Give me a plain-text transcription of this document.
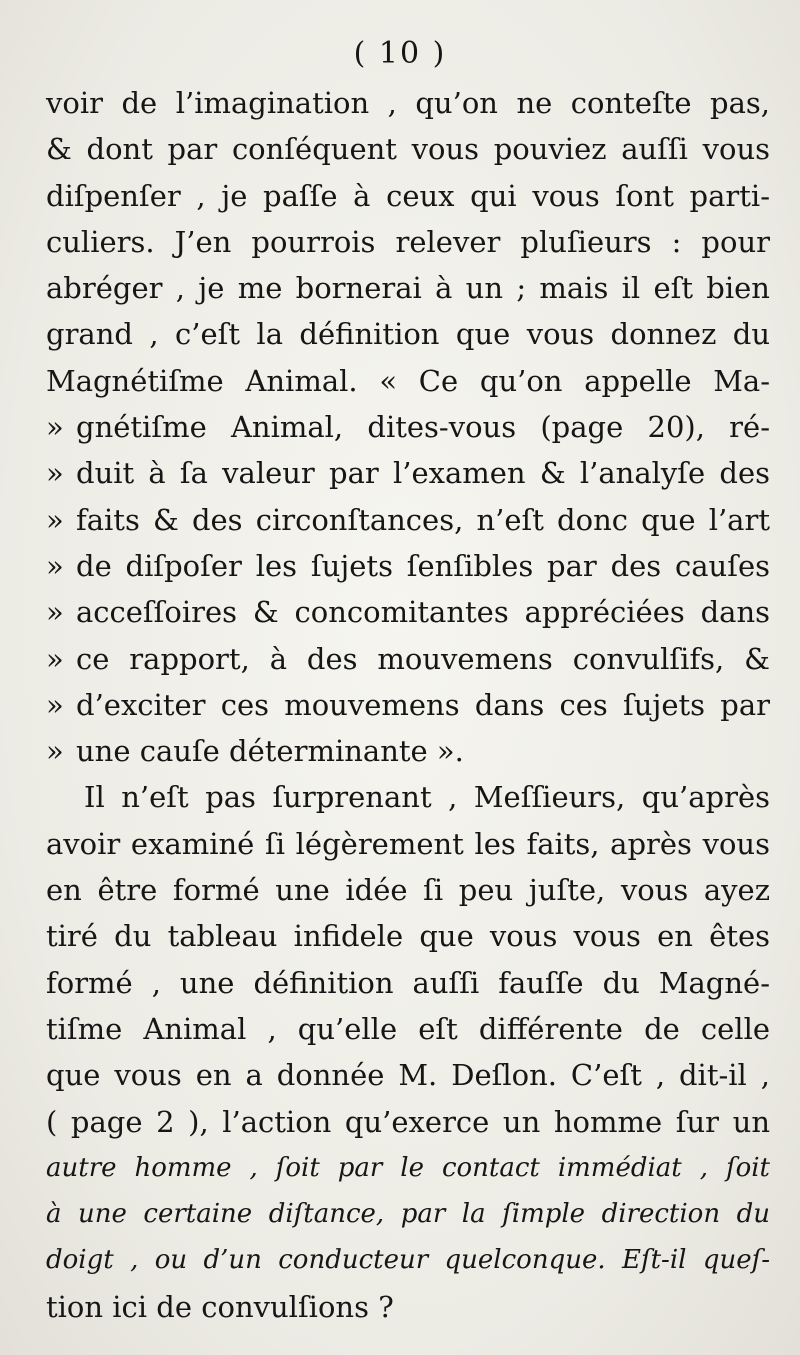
( 10 )
voir de l’imagination , qu’on ne conteſte pas,
& dont par conſéquent vous pouviez auſſi vous
diſpenſer , je paſſe à ceux qui vous ſont parti-
culiers. J’en pourrois relever pluſieurs : pour
abréger , je me bornerai à un ; mais il eſt bien
grand , c’eſt la définition que vous donnez du
Magnétiſme Animal. « Ce qu’on appelle Ma-
» gnétiſme Animal, dites-vous (page 20), ré-
» duit à ſa valeur par l’examen & l’analyſe des
» faits & des circonſtances, n’eſt donc que l’art
» de diſpoſer les ſujets ſenſibles par des cauſes
» acceſſoires & concomitantes appréciées dans
» ce rapport, à des mouvemens convulſifs, &
» d’exciter ces mouvemens dans ces ſujets par
» une cauſe déterminante ».
Il n’eſt pas ſurprenant , Meſſieurs, qu’après
avoir examiné ſi légèrement les faits, après vous
en être formé une idée ſi peu juſte, vous ayez
tiré du tableau infidele que vous vous en êtes
formé , une définition auſſi fauſſe du Magné-
tiſme Animal , qu’elle eſt différente de celle
que vous en a donnée M. Deſlon. C’eſt , dit-il ,
( page 2 ), l’action qu’exerce un homme ſur un
autre homme , ſoit par le contact immédiat , ſoit
à une certaine diſtance, par la ſimple direction du
doigt , ou d’un conducteur quelconque. Eſt-il queſ-
tion ici de convulſions ?
